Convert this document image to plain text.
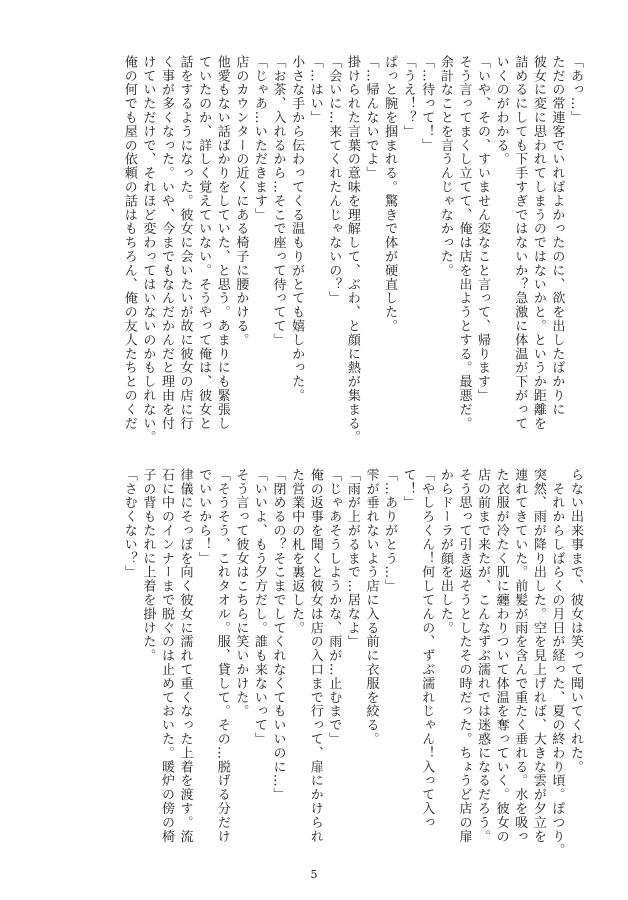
「あっ…」
ただの常連客でいればよかったのに、欲を出したばかりに
彼女に変に思われてしまうのではないかと。というか距離を
詰めるにしても下手すぎではないか？急激に体温が下がって
いくのがわかる。
「いや、その、すいません変なこと言って、帰ります」
そう言ってまくし立てて、俺は店を出ようとする。最悪だ。
余計なことを言うんじゃなかった。
「…待って！」
「うえ！？」
ぱっと腕を掴まれる。驚きで体が硬直した。
「…帰んないでよ」
掛けられた言葉の意味を理解して、ぶわ、と顔に熱が集まる。
「会いに…来てくれたんじゃないの？」
「…はい」
小さな手から伝わってくる温もりがとても嬉しかった。
「お茶、入れるから…そこで座って待ってて」
「じゃあ…いただきます」
店のカウンターの近くにある椅子に腰かける。
他愛もない話ばかりをしていた、と思う。あまりにも緊張し
ていたのか、詳しく覚えていない。そうやって俺は、彼女と
話をするようになった。彼女に会いたいが故に彼女の店に行
く事が多くなった。いや、今までもなんだかんだと理由を付
けていただけで、それほど変わってはいないのかもしれない。
俺の何でも屋の依頼の話はもちろん、俺の友人たちとのくだ
らない出来事まで、彼女は笑って聞いてくれた。
　それからしばらくの月日が経った、夏の終わり頃。ぽつり。
突然、雨が降り出した。空を見上げれば、大きな雲が夕立を
連れてきていた。前髪が雨を含んで重たく垂れる。水を吸っ
た衣服が冷たく肌に纏わりついて体温を奪っていく。彼女の
店の前まで来たが、こんなずぶ濡れでは迷惑になるだろう。
そう思って引き返そうとしたその時だった。ちょうど店の扉
からドーラが顔を出した。
「やしろくん！何してんの、ずぶ濡れじゃん！入って入っ
て！」
「…ありがとう…」
雫が垂れないよう店に入る前に衣服を絞る。
「雨が上がるまで…居なよ」
「じゃあそうしようかな、雨が…止むまで」
俺の返事を聞くと彼女は店の入口まで行って、扉にかけられ
た営業中の札を裏返した。
「閉めるの？そこまでしてくれなくてもいいのに…」
「いいよ、もう夕方だし。誰も来ないって」
そう言って彼女はこちらに笑いかけた。
「そうそう、これタオル。服、貸して。その…脱げる分だけ
でいいから！」
律儀にそっぽを向く彼女に濡れて重くなった上着を渡す。流
石に中のインナーまで脱ぐのは止めておいた。暖炉の傍の椅
子の背もたれに上着を掛けた。
「さむくない？」
5
